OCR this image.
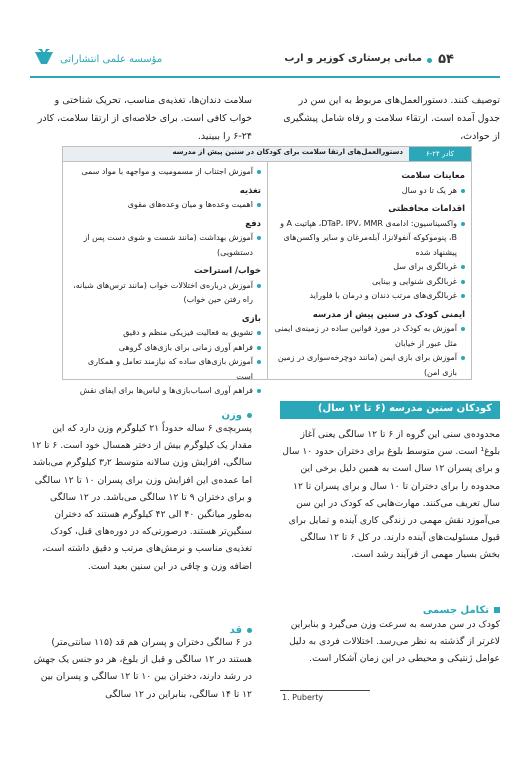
مؤسسه علمی انتشاراتی	۵۴
مبانی پرستاری کوزیر و ارب
توصیف کنند. دستورالعمل‌های مربوط به این سن در جدول آمده است. ارتقاء سلامت و رفاه شامل پیشگیری از حوادث،
سلامت دندان‌ها، تغذیه‌ی مناسب، تحریک شناختی و خواب کافی است. برای خلاصه‌ای از ارتقا سلامت، کادر ۲۴-۶ را ببینید.
کادر ۲۴-۶
دستورالعمل‌های ارتقا سلامت برای کودکان در سنین پیش از مدرسه
معاینات سلامت
هر یک تا دو سال
اقدامات محافظتی
واکسیناسیون: ادامه‌ی DTaP، IPV، MMR، هپاتیت A و B، پنوموکوکه آنفولانزا، آبله‌مرغان و سایر واکسن‌های پیشنهاد شده
غربالگری برای سل
غربالگری شنوایی و بینایی
غربالگری‌های مرتب دندان و درمان با فلوراید
ایمنی کودک در سنین پیش از مدرسه
آموزش به کودک در مورد قوانین ساده در زمینه‌ی ایمنی مثل عبور از خیابان
آموزش برای بازی ایمن (مانند دوچرخه‌سواری در زمین بازی امن)
آموزش اجتناب از مسمومیت و مواجهه با مواد سمی
تغذیه
اهمیت وعده‌ها و میان وعده‌های مقوی
دفع
آموزش بهداشت (مانند شست و شوی دست پس از دستشویی)
خواب/ استراحت
آموزش درباره‌ی اختلالات خواب (مانند ترس‌های شبانه، راه رفتن حین خواب)
بازی
تشویق به فعالیت فیزیکی منظم و دقیق
فراهم آوری زمانی برای بازی‌های گروهی
آموزش بازی‌های ساده که نیازمند تعامل و همکاری است
فراهم آوری اسباب‌بازی‌ها و لباس‌ها برای ایفای نقش
کودکان سنین مدرسه (۶ تا ۱۲ سال)
محدوده‌ی سنی این گروه از ۶ تا ۱۲ سالگی یعنی آغاز بلوغ¹ است. سن متوسط بلوغ برای دختران حدود ۱۰ سال و برای پسران ۱۲ سال است به همین دلیل برخی این محدوده را برای دختران تا ۱۰ سال و برای پسران تا ۱۲ سال تعریف می‌کنند. مهارت‌هایی که کودک در این سن می‌آموزد نقش مهمی در زندگی کاری آینده و تمایل برای قبول مسئولیت‌های آینده دارند. در کل ۶ تا ۱۲ سالگی بخش بسیار مهمی از فرآیند رشد است.
تکامل جسمی
کودک در سن مدرسه به سرعت وزن می‌گیرد و بنابراین لاغرتر از گذشته به نظر می‌رسد. اختلالات فردی به دلیل عوامل ژنتیکی و محیطی در این زمان آشکار است.
وزن
پسربچه‌ی ۶ ساله حدوداً ۲۱ کیلوگرم وزن دارد که این مقدار یک کیلوگرم بیش از دختر همسال خود است. ۶ تا ۱۲ سالگی، افزایش وزن سالانه متوسط ۳٫۲ کیلوگرم می‌باشد اما عمده‌ی این افزایش وزن برای پسران ۱۰ تا ۱۲ سالگی و برای دختران ۹ تا ۱۲ سالگی می‌باشد. در ۱۲ سالگی به‌طور میانگین ۴۰ الی ۴۲ کیلوگرم هستند که دختران سنگین‌تر هستند. درصورتی‌که در دوره‌های قبل، کودک تغذیه‌ی مناسب و نرمش‌های مرتب و دقیق داشته است، اضافه وزن و چاقی در این سنین بعید است.
قد
در ۶ سالگی دختران و پسران هم قد (۱۱۵ سانتی‌متر) هستند در ۱۲ سالگی و قبل از بلوغ، هر دو جنس یک جهش در رشد دارند، دختران بین ۱۰ تا ۱۲ سالگی و پسران بین ۱۲ تا ۱۴ سالگی، بنابراین در ۱۲ سالگی	1. Puberty
